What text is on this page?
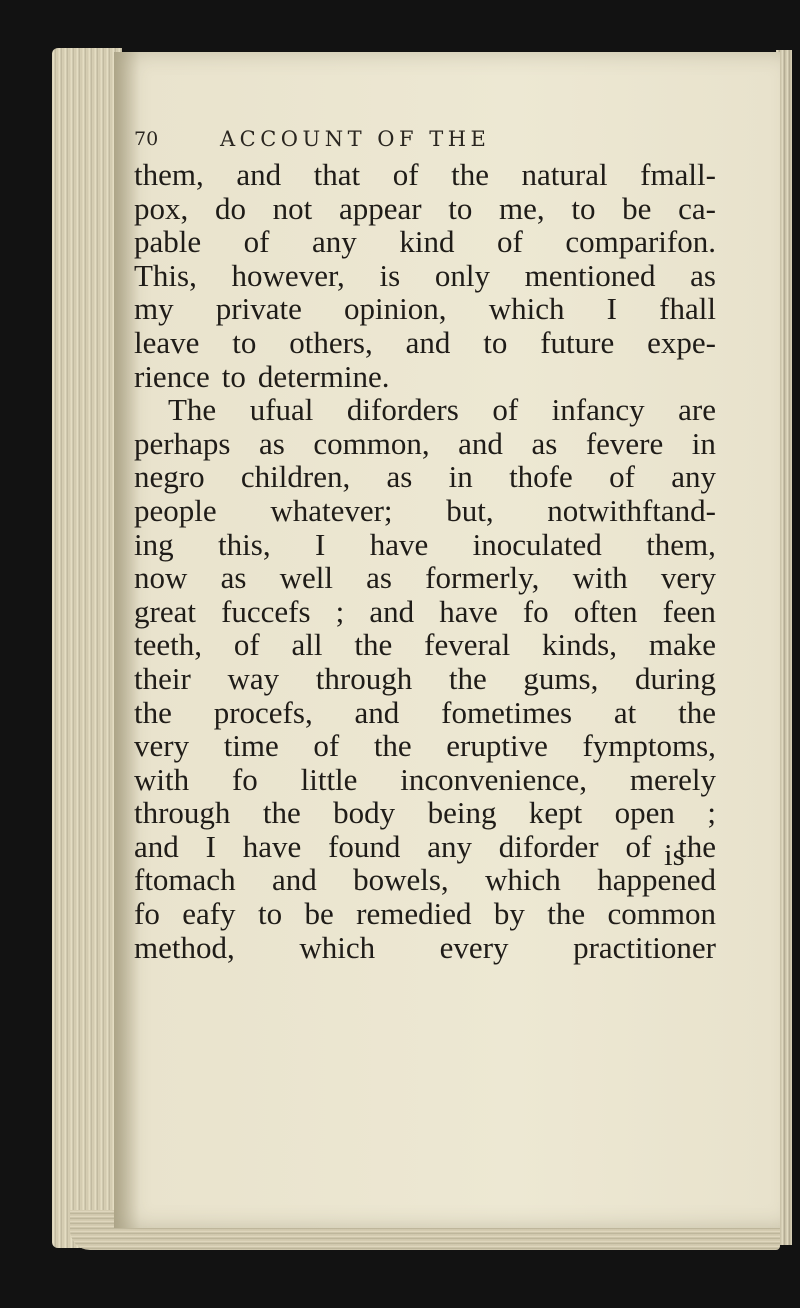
70	ACCOUNT OF THE
them, and that of the natural fmall-
pox, do not appear to me, to be ca-
pable of any kind of comparifon.
This, however, is only mentioned as
my private opinion, which I fhall
leave to others, and to future expe-
rience to determine.
The ufual diforders of infancy are
perhaps as common, and as fevere in
negro children, as in thofe of any
people whatever; but, notwithftand-
ing this, I have inoculated them,
now as well as formerly, with very
great fuccefs ; and have fo often feen
teeth, of all the feveral kinds, make
their way through the gums, during
the procefs, and fometimes at the
very time of the eruptive fymptoms,
with fo little inconvenience, merely
through the body being kept open ;
and I have found any diforder of the
ftomach and bowels, which happened
fo eafy to be remedied by the common
method, which every practitioner
is
